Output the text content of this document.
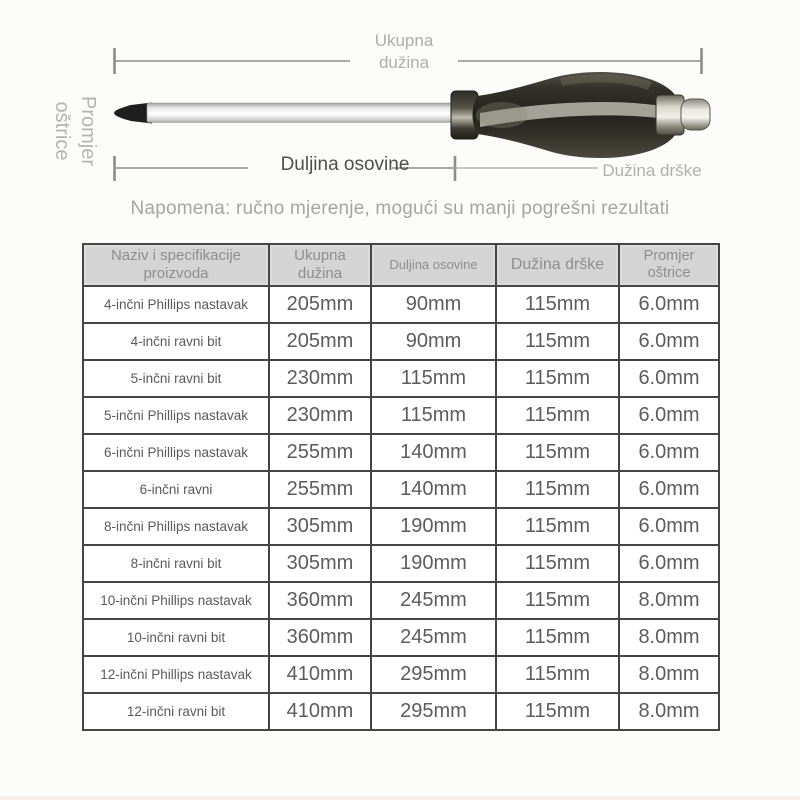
Ukupna dužina
Promjer oštrice
Duljina osovine	Dužina drške
Napomena: ručno mjerenje, mogući su manji pogrešni rezultati
Naziv i specifikacije proizvoda	Ukupna dužina	Duljina osovine	Dužina drške	Promjer oštrice
4-inčni Phillips nastavak	205mm	90mm	115mm	6.0mm
4-inčni ravni bit	205mm	90mm	115mm	6.0mm
5-inčni ravni bit	230mm	115mm	115mm	6.0mm
5-inčni Phillips nastavak	230mm	115mm	115mm	6.0mm
6-inčni Phillips nastavak	255mm	140mm	115mm	6.0mm
6-inčni ravni	255mm	140mm	115mm	6.0mm
8-inčni Phillips nastavak	305mm	190mm	115mm	6.0mm
8-inčni ravni bit	305mm	190mm	115mm	6.0mm
10-inčni Phillips nastavak	360mm	245mm	115mm	8.0mm
10-inčni ravni bit	360mm	245mm	115mm	8.0mm
12-inčni Phillips nastavak	410mm	295mm	115mm	8.0mm
12-inčni ravni bit	410mm	295mm	115mm	8.0mm
